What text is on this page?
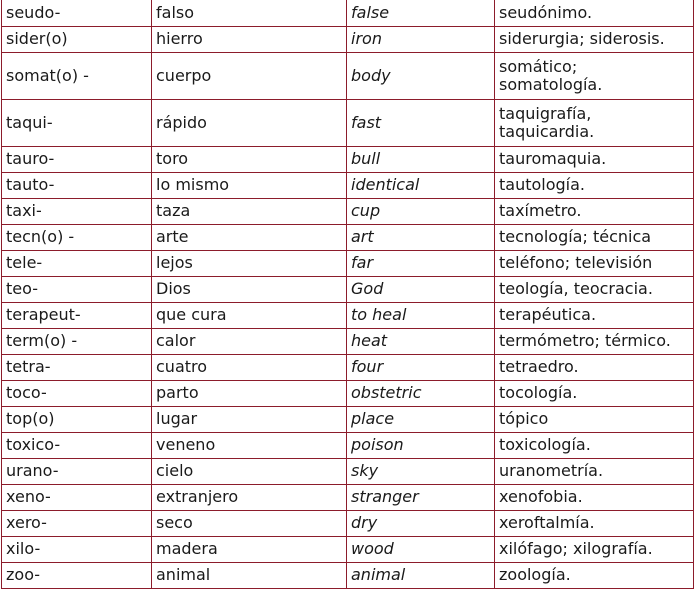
seudo-	falso	false	seudónimo.

sider(o)	hierro	iron	siderurgia; siderosis.

somat(o) -	cuerpo	body	somático;
somatología.

taqui-	rápido	fast	taquigrafía,
taquicardia.

tauro-	toro	bull	tauromaquia.

tauto-	lo mismo	identical	tautología.

taxi-	taza	cup	taxímetro.

tecn(o) -	arte	art	tecnología; técnica

tele-	lejos	far	teléfono; televisión

teo-	Dios	God	teología, teocracia.

terapeut-	que cura	to heal	terapéutica.

term(o) -	calor	heat	termómetro; térmico.

tetra-	cuatro	four	tetraedro.

toco-	parto	obstetric	tocología.

top(o)	lugar	place	tópico

toxico-	veneno	poison	toxicología.

urano-	cielo	sky	uranometría.

xeno-	extranjero	stranger	xenofobia.

xero-	seco	dry	xeroftalmía.

xilo-	madera	wood	xilófago; xilografía.

zoo-	animal	animal	zoología.
